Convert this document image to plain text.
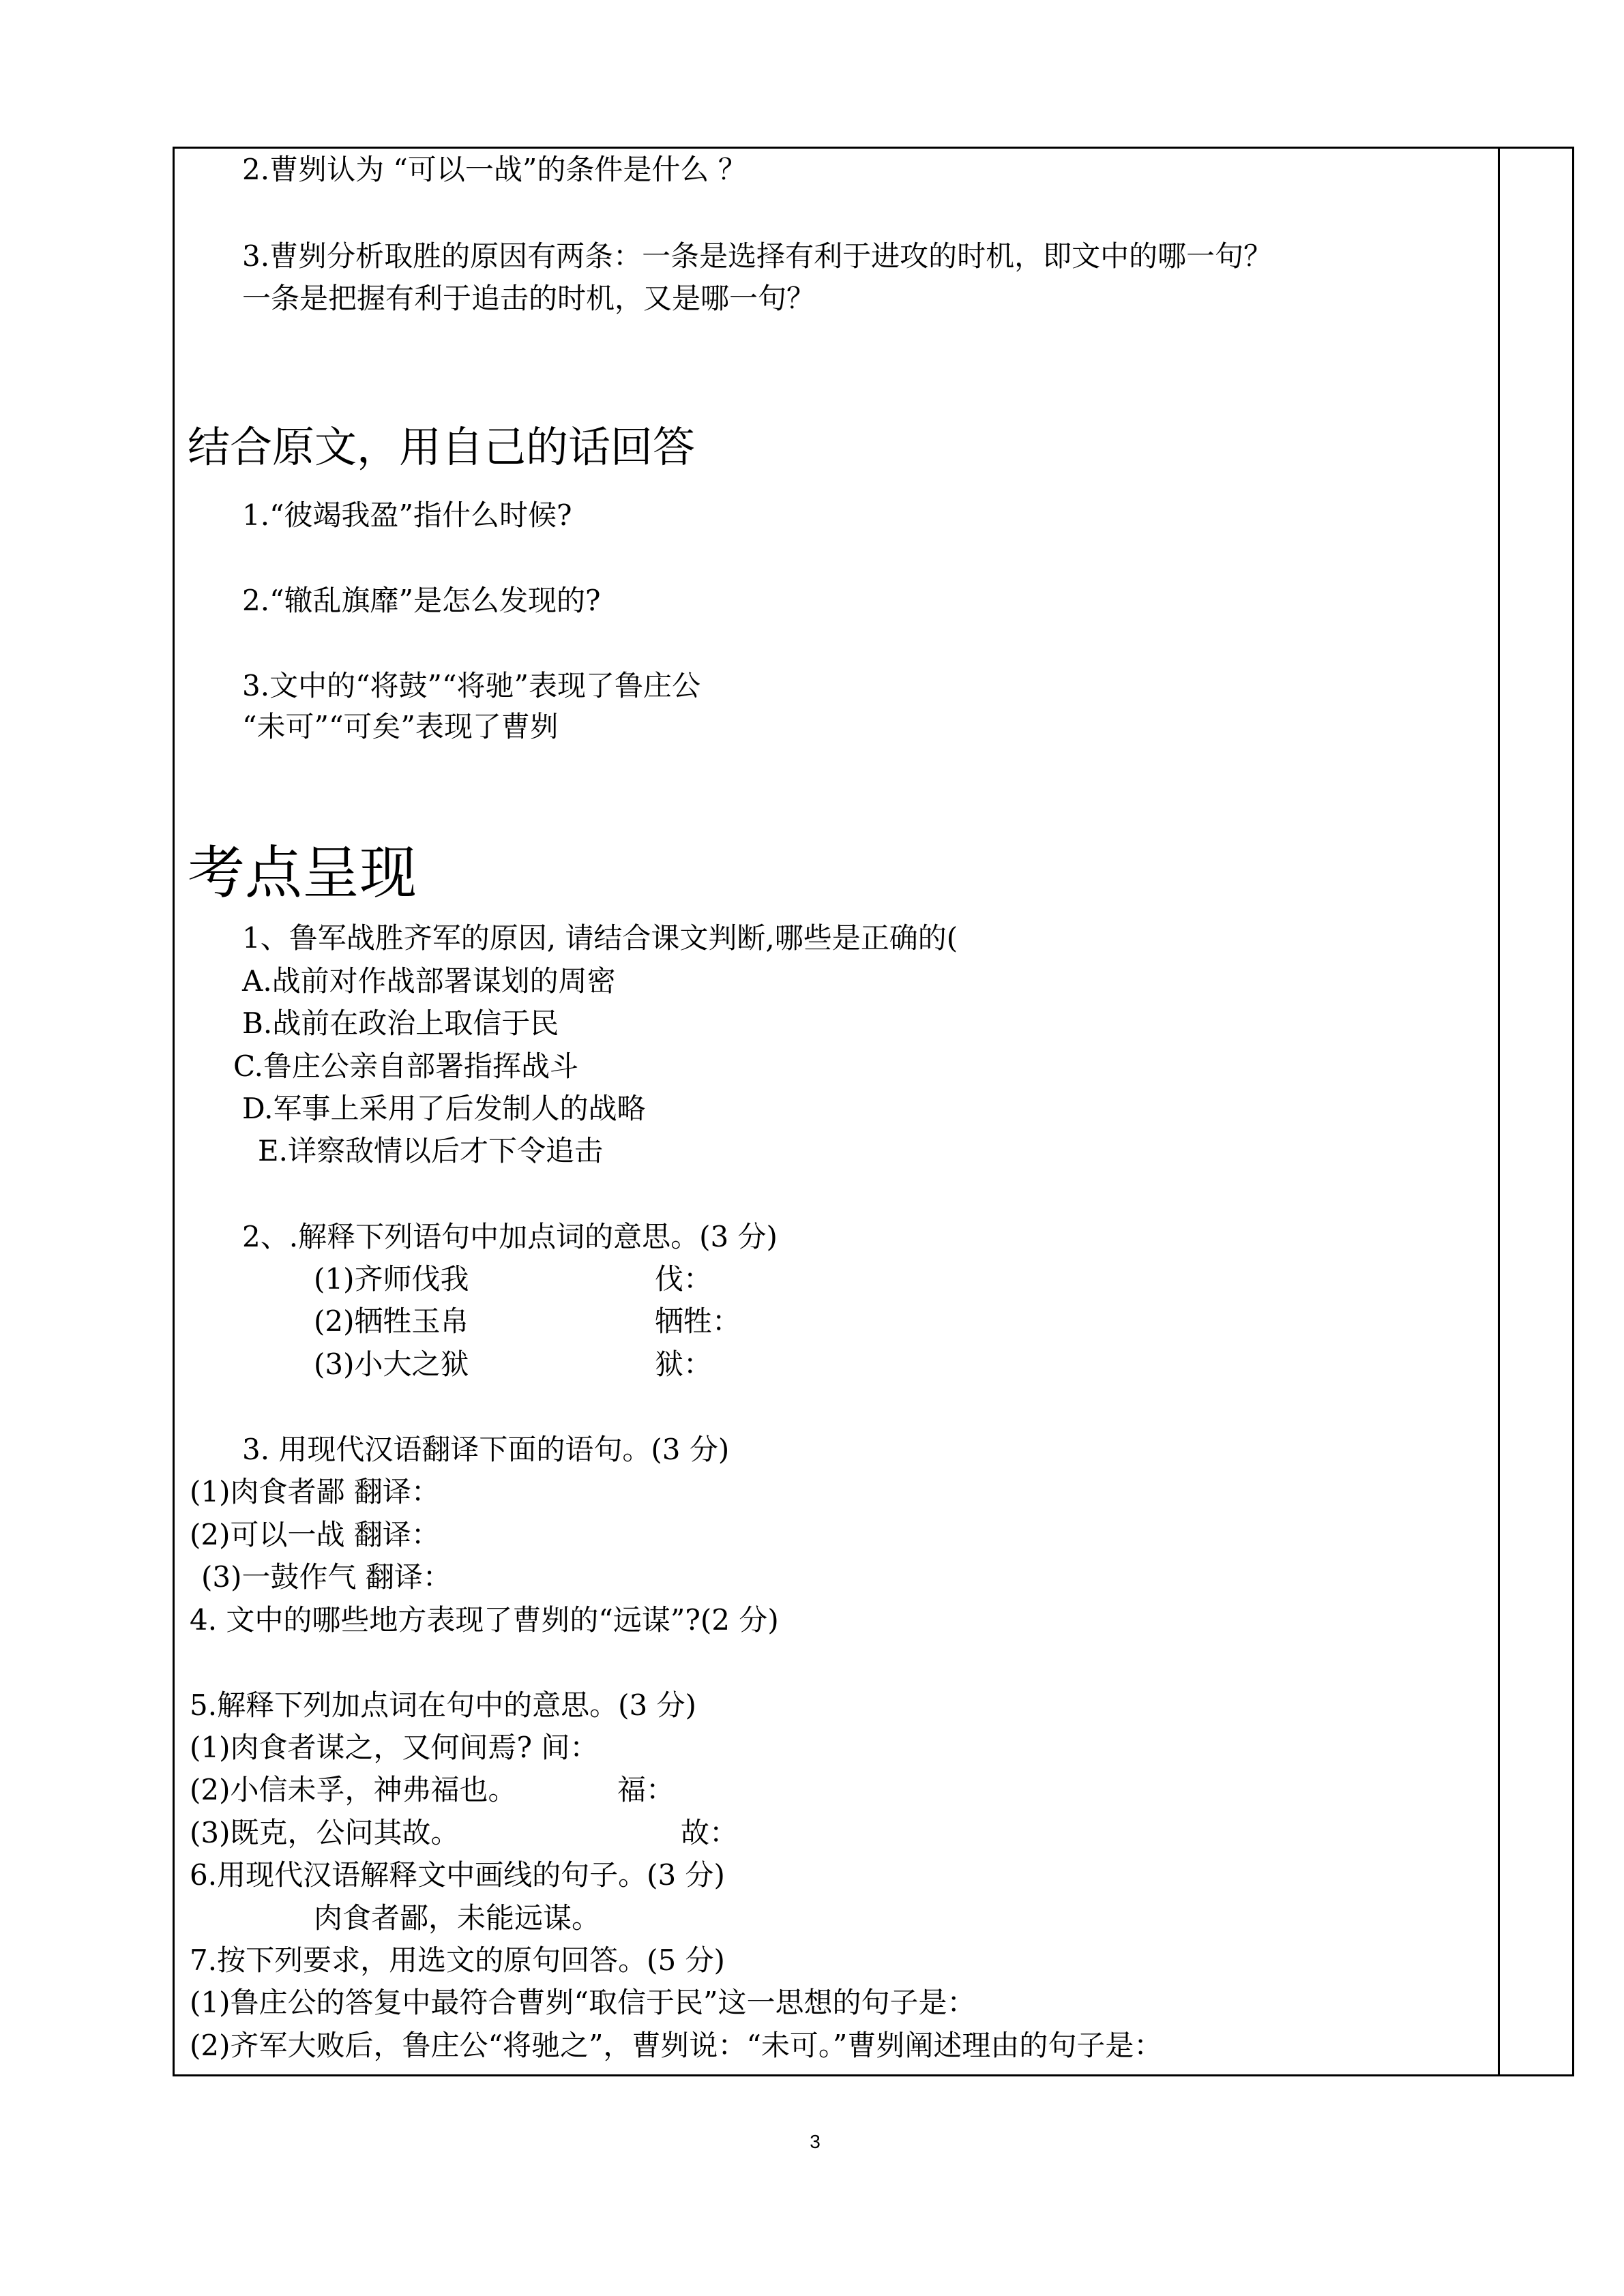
2.曹刿认为 “可以一战”的条件是什么 ？
3.曹刿分析取胜的原因有两条：一条是选择有利于进攻的时机，即文中的哪一句？
一条是把握有利于追击的时机，又是哪一句？
结合原文，用自己的话回答
1.“彼竭我盈”指什么时候?
2.“辙乱旗靡”是怎么发现的?
3.文中的“将鼓”“将驰”表现了鲁庄公
“未可”“可矣”表现了曹刿
考点呈现
1、鲁军战胜齐军的原因, 请结合课文判断,哪些是正确的(
A.战前对作战部署谋划的周密
B.战前在政治上取信于民
C.鲁庄公亲自部署指挥战斗
D.军事上采用了后发制人的战略
E.详察敌情以后才下令追击
2、.解释下列语句中加点词的意思。(3 分)
(1)齐师伐我	伐：
(2)牺牲玉帛	牺牲：
(3)小大之狱	狱：
3. 用现代汉语翻译下面的语句。(3 分)
(1)肉食者鄙 翻译：
(2)可以一战 翻译：
(3)一鼓作气 翻译：
4. 文中的哪些地方表现了曹刿的“远谋”?(2 分)
5.解释下列加点词在句中的意思。(3 分)
(1)肉食者谋之，又何间焉? 间：
(2)小信未孚，神弗福也。	福：
(3)既克，公问其故。	故：
6.用现代汉语解释文中画线的句子。(3 分)
肉食者鄙，未能远谋。
7.按下列要求，用选文的原句回答。(5 分)
(1)鲁庄公的答复中最符合曹刿“取信于民”这一思想的句子是：
(2)齐军大败后，鲁庄公“将驰之”，曹刿说：“未可。”曹刿阐述理由的句子是：
3
